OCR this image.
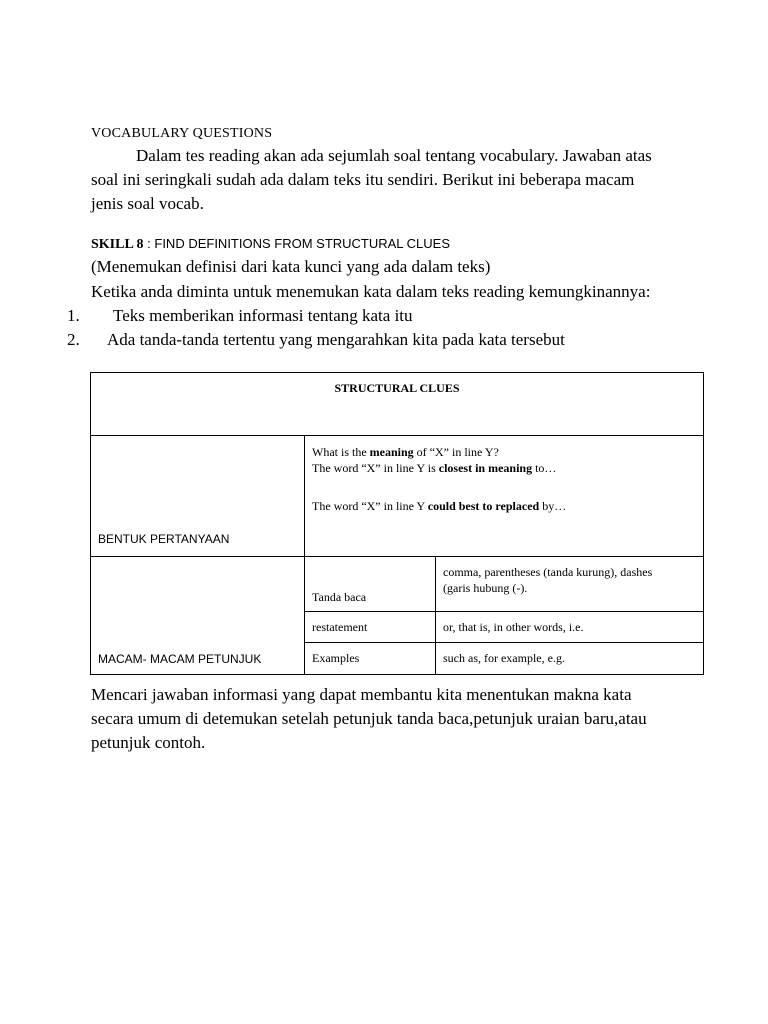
VOCABULARY QUESTIONS
Dalam tes reading akan ada sejumlah soal tentang vocabulary. Jawaban atas
soal ini seringkali sudah ada dalam teks itu sendiri. Berikut ini beberapa macam
jenis soal vocab.
SKILL 8 : FIND DEFINITIONS FROM STRUCTURAL CLUES
(Menemukan definisi dari kata kunci yang ada dalam teks)
Ketika anda diminta untuk menemukan kata dalam teks reading kemungkinannya:
1. Teks memberikan informasi tentang kata itu
2. Ada tanda-tanda tertentu yang mengarahkan kita pada kata tersebut
STRUCTURAL CLUES		
BENTUK PERTANYAAN	What is the meaning of “X” in line Y?
The word “X” in line Y is closest in meaning to…
The word “X” in line Y could best to replaced by…	

MACAM- MACAM PETUNJUK	Tanda baca	comma, parentheses (tanda kurung), dashes
(garis hubung (-).

	restatement	or, that is, in other words, i.e.
	Examples	such as, for example, e.g.
Mencari jawaban informasi yang dapat membantu kita menentukan makna kata
secara umum di detemukan setelah petunjuk tanda baca,petunjuk uraian baru,atau
petunjuk contoh.
